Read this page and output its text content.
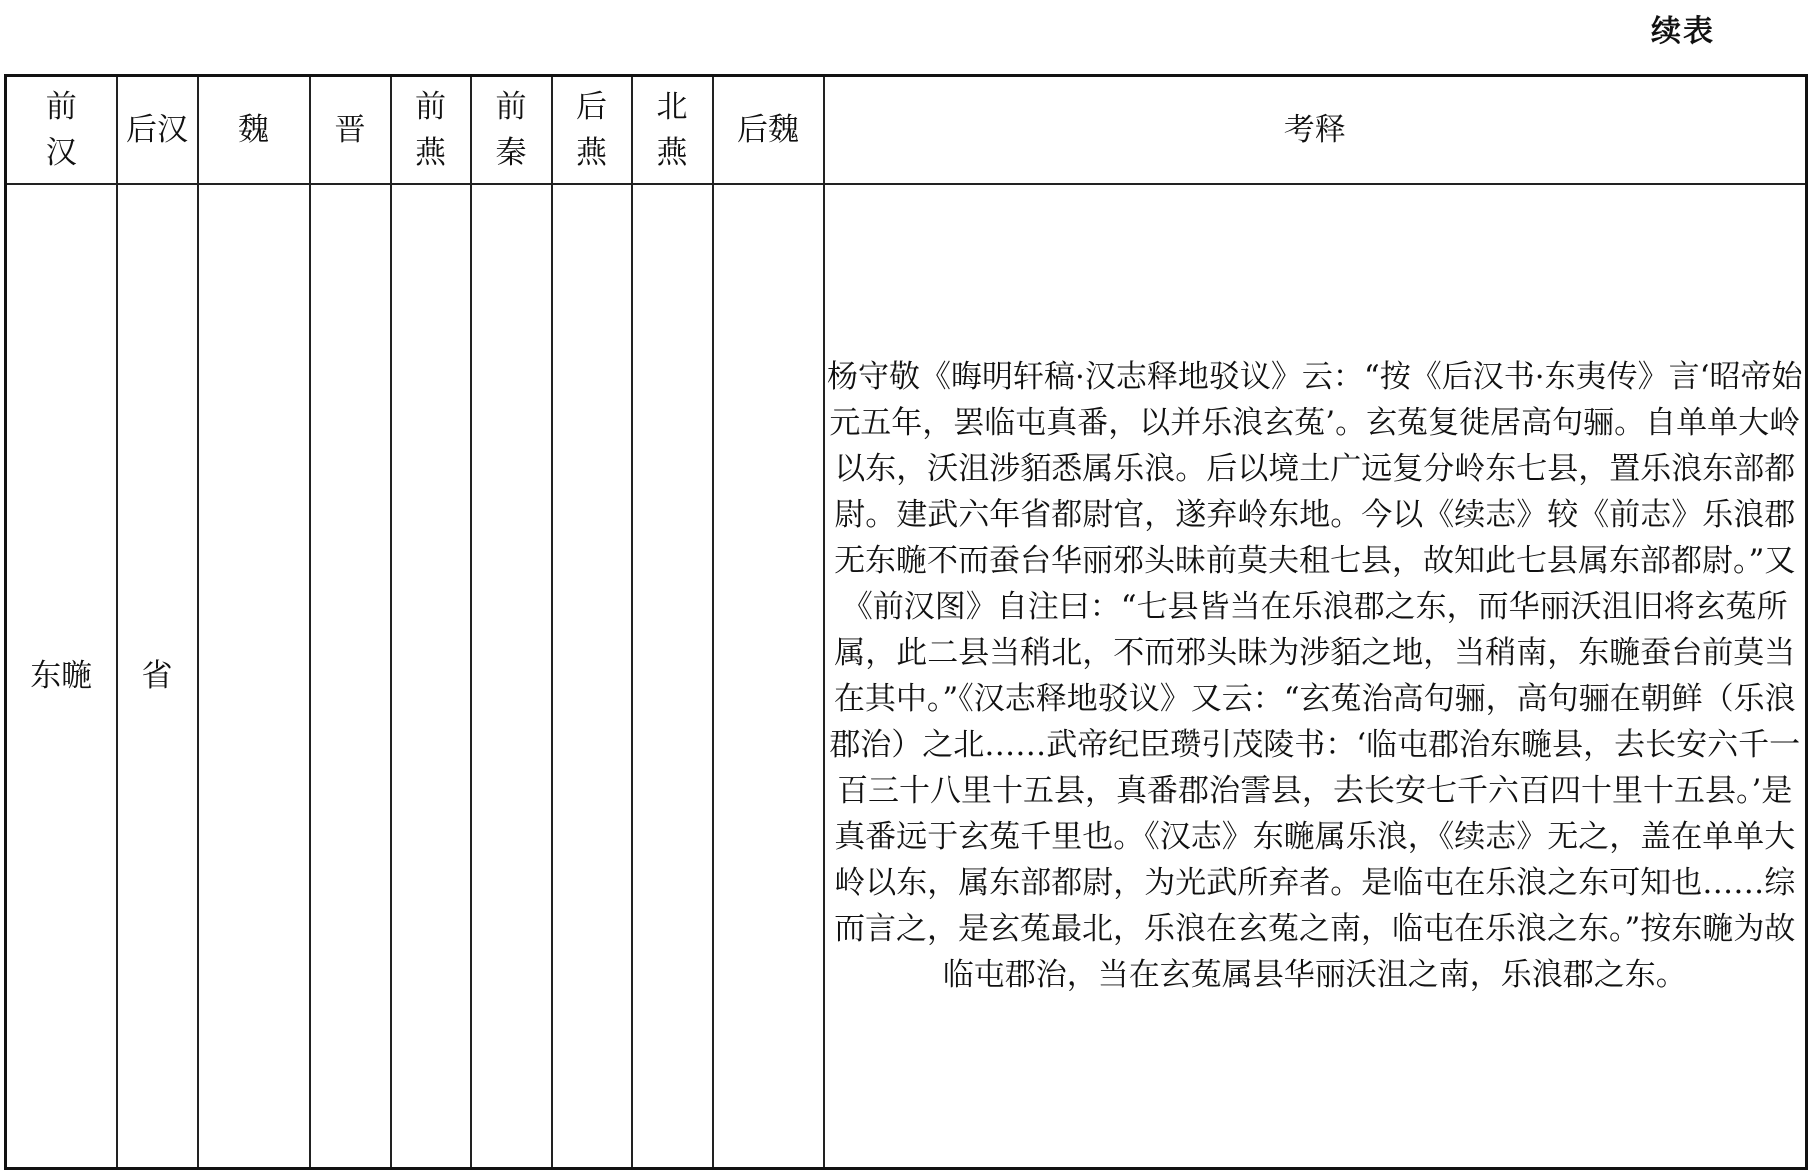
续表
前汉	后汉	魏	晋	前燕	前秦	后燕	北燕	后魏	考释
东暆	省								杨守敬《晦明轩稿·汉志释地驳议》云：“按《后汉书·东夷传》言‘昭帝始元五年，罢临屯真番，以并乐浪玄菟’。玄菟复徙居高句骊。自单单大岭以东，沃沮涉貊悉属乐浪。后以境土广远复分岭东七县，置乐浪东部都尉。建武六年省都尉官，遂弃岭东地。今以《续志》较《前志》乐浪郡无东暆不而蚕台华丽邪头昧前莫夫租七县，故知此七县属东部都尉。”又《前汉图》自注曰：“七县皆当在乐浪郡之东，而华丽沃沮旧将玄菟所属，此二县当稍北，不而邪头昧为涉貊之地，当稍南，东暆蚕台前莫当在其中。”《汉志释地驳议》又云：“玄菟治高句骊，高句骊在朝鲜（乐浪郡治）之北……武帝纪臣瓒引茂陵书：‘临屯郡治东暆县，去长安六千一百三十八里十五县，真番郡治霅县，去长安七千六百四十里十五县。’是真番远于玄菟千里也。《汉志》东暆属乐浪，《续志》无之，盖在单单大岭以东，属东部都尉，为光武所弃者。是临屯在乐浪之东可知也……综而言之，是玄菟最北，乐浪在玄菟之南，临屯在乐浪之东。”按东暆为故临屯郡治，当在玄菟属县华丽沃沮之南，乐浪郡之东。
